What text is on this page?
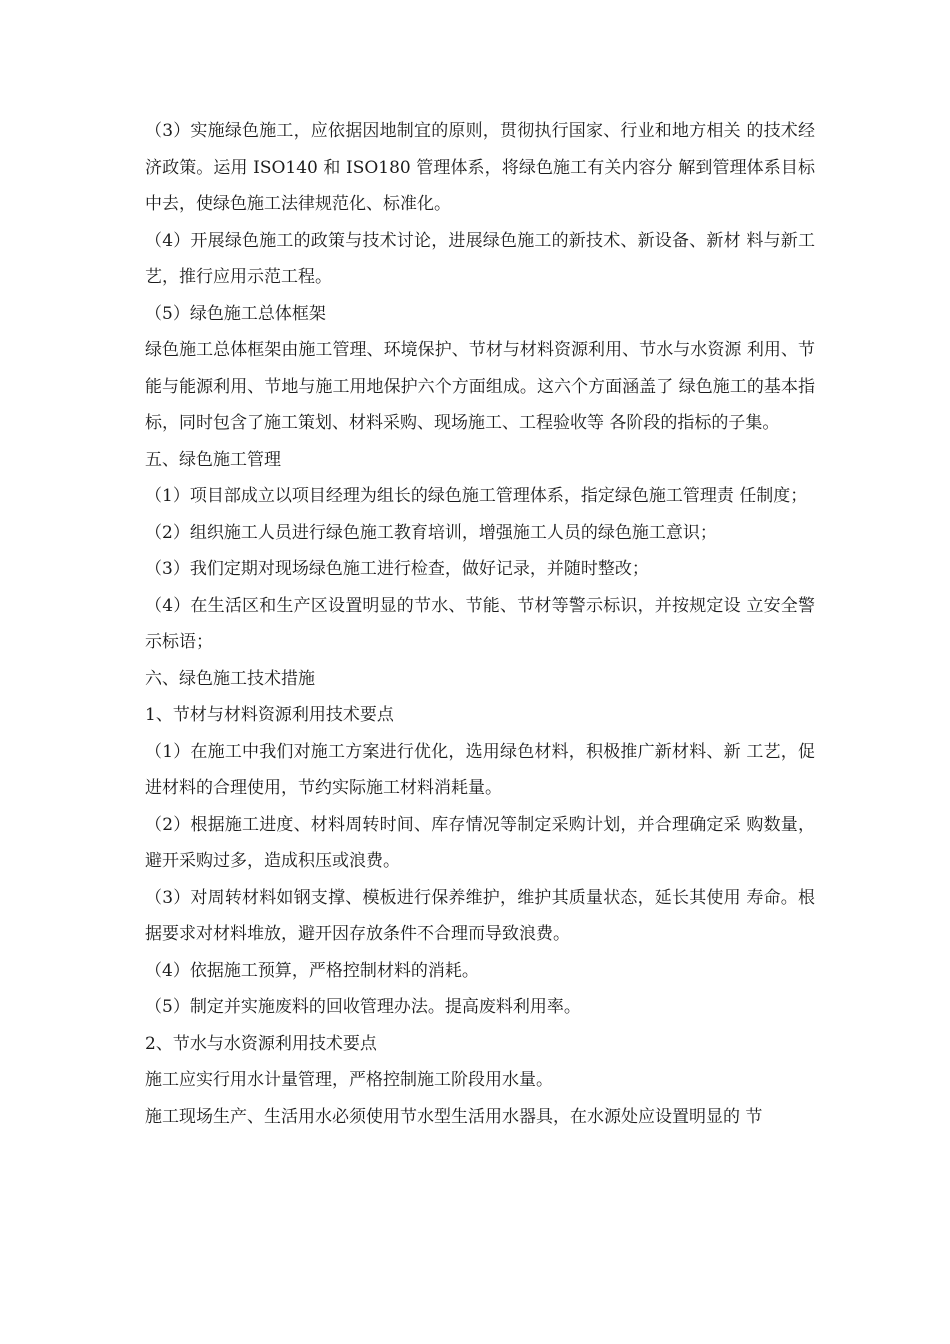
（3）实施绿色施工，应依据因地制宜的原则，贯彻执行国家、行业和地方相关 的技术经济政策。运用 ISO140 和 ISO180 管理体系，将绿色施工有关内容分 解到管理体系目标中去，使绿色施工法律规范化、标准化。

（4）开展绿色施工的政策与技术讨论，进展绿色施工的新技术、新设备、新材 料与新工艺，推行应用示范工程。

（5）绿色施工总体框架

绿色施工总体框架由施工管理、环境保护、节材与材料资源利用、节水与水资源 利用、节能与能源利用、节地与施工用地保护六个方面组成。这六个方面涵盖了 绿色施工的基本指标，同时包含了施工策划、材料采购、现场施工、工程验收等 各阶段的指标的子集。

五、绿色施工管理

（1）项目部成立以项目经理为组长的绿色施工管理体系，指定绿色施工管理责 任制度；

（2）组织施工人员进行绿色施工教育培训，增强施工人员的绿色施工意识；

（3）我们定期对现场绿色施工进行检查，做好记录，并随时整改；

（4）在生活区和生产区设置明显的节水、节能、节材等警示标识，并按规定设 立安全警示标语；

六、绿色施工技术措施

1、节材与材料资源利用技术要点

（1）在施工中我们对施工方案进行优化，选用绿色材料，积极推广新材料、新 工艺，促进材料的合理使用，节约实际施工材料消耗量。

（2）根据施工进度、材料周转时间、库存情况等制定采购计划，并合理确定采 购数量，避开采购过多，造成积压或浪费。

（3）对周转材料如钢支撑、模板进行保养维护，维护其质量状态，延长其使用 寿命。根据要求对材料堆放，避开因存放条件不合理而导致浪费。

（4）依据施工预算，严格控制材料的消耗。

（5）制定并实施废料的回收管理办法。提高废料利用率。

2、节水与水资源利用技术要点

施工应实行用水计量管理，严格控制施工阶段用水量。

施工现场生产、生活用水必须使用节水型生活用水器具，在水源处应设置明显的 节
